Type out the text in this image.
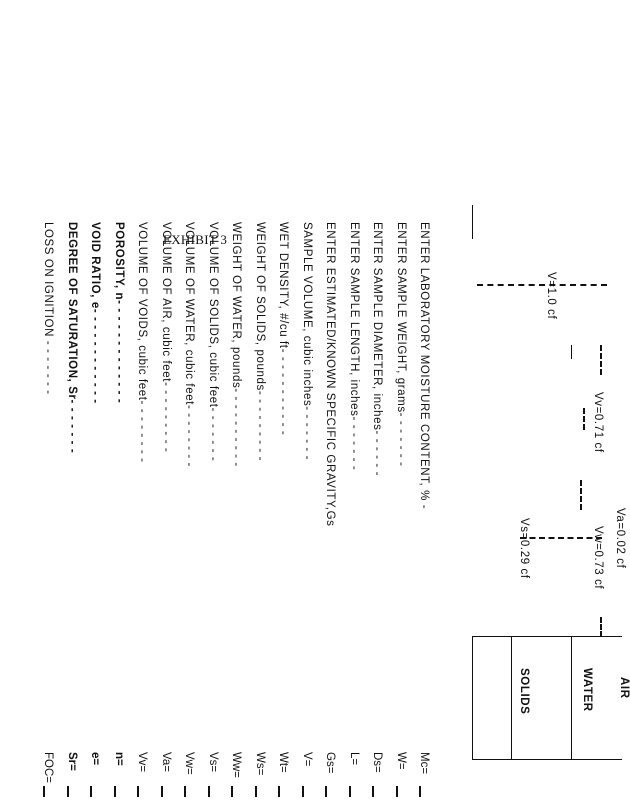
EXHIBIT 3	ENTER LABORATORY MOISTURE CONTENT, % -
ENTER SAMPLE WEIGHT, grams- - - - - - -
ENTER SAMPLE DIAMETER, inches- - - - - -
ENTER SAMPLE LENGTH, inches- - - - - - -
ENTER ESTIMATED/KNOWN SPECIFIC GRAVITY,Gs
SAMPLE VOLUME, cubic inches- - - - - - -
WET DENSITY, #/cu ft- - - - - - - - - - -
WEIGHT OF SOLIDS, pounds- - - - - - - - -
WEIGHT OF WATER, pounds- - - - - - - - - -
VOLUME OF SOLIDS, cubic feet- - - - - - -
VOLUME OF WATER, cubic feet- - - - - - - -
VOLUME OF AIR, cubic feet- - - - - - - - -
VOLUME OF VOIDS, cubic feet- - - - - - - -
POROSITY, n- - - - - - - - - - - - -
VOID RATIO, e- - - - - - - - - - - -
DEGREE OF SATURATION, Sr- - - - - - -
LOSS ON IGNITION - - - - - - -
Mc=
W=
Ds=
L=
Gs=
V=
Wt=
Ws=
Ww=
Vs=
Vw=
Va=
Vv=
n=
e=
Sr=
FOC=
AIR
WATER
SOLIDS
Va=0.02 cf
Vw=0.73 cf
Vs=0.29 cf
Vv=0.71 cf
V=1.0 cf
